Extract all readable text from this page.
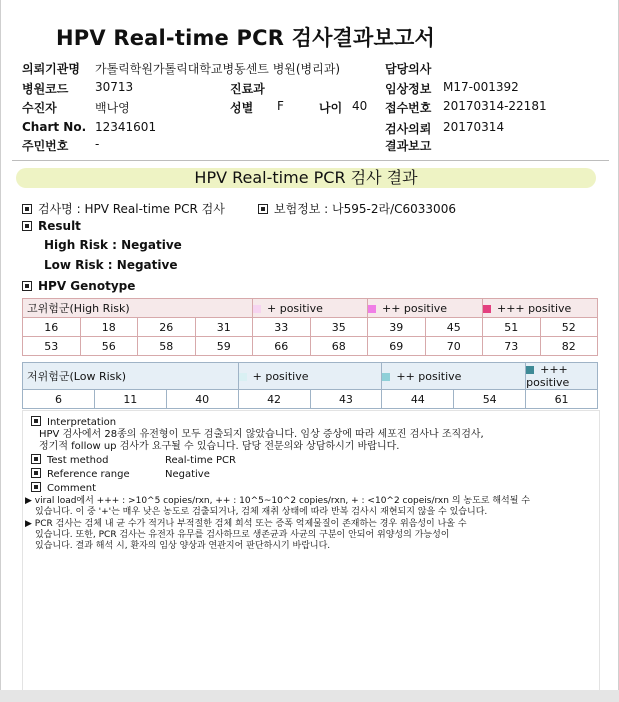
HPV Real-time PCR 검사결과보고서
의뢰기관명 가톨릭학원가톨릭대학교병동센트 병원(병리과)	담당의사
병원코드 30713	진료과	임상정보 M17-001392
수진자	백나영	성별 F	나이 40 접수번호 20170314-22181
Chart No. 12341601	검사의뢰 20170314
주민번호 -	결과보고
HPV Real-time PCR 검사 결과
검사명 : HPV Real-time PCR 검사	보험정보 : 나595-2라/C6033006
Result
High Risk : Negative
Low Risk : Negative
HPV Genotype
고위험군(High Risk)				+ positive		++ positive		+++ positive	
16	18	26	31	33	35	39	45	51	52
53	56	58	59	66	68	69	70	73	82
저위험군(Low Risk)			+ positive		++ positive		+++ positive
6	11	40	42	43	44	54	61
Interpretation
HPV 검사에서 28종의 유전형이 모두 검출되지 않았습니다. 임상 증상에 따라 세포진 검사나 조직검사,
정기적 follow up 검사가 요구될 수 있습니다. 담당 전문의와 상담하시기 바랍니다.
Test method	Real-time PCR
Reference range	Negative
Comment
▶ viral load에서 +++ : >10^5 copies/rxn, ++ : 10^5~10^2 copies/rxn, + : <10^2 copeis/rxn 의 농도로 해석될 수
있습니다. 이 중 '+'는 매우 낮은 농도로 검출되거나, 검체 재취 상태에 따라 반복 검사시 재현되지 않을 수 있습니다.
▶ PCR 검사는 검체 내 균 수가 적거나 부적절한 검체 희석 또는 증폭 억제물질이 존재하는 경우 위음성이 나올 수
있습니다. 또한, PCR 검사는 유전자 유무를 검사하므로 생존균과 사균의 구분이 안되어 위양성의 가능성이
있습니다. 결과 해석 시, 환자의 임상 양상과 연관지어 판단하시기 바랍니다.
